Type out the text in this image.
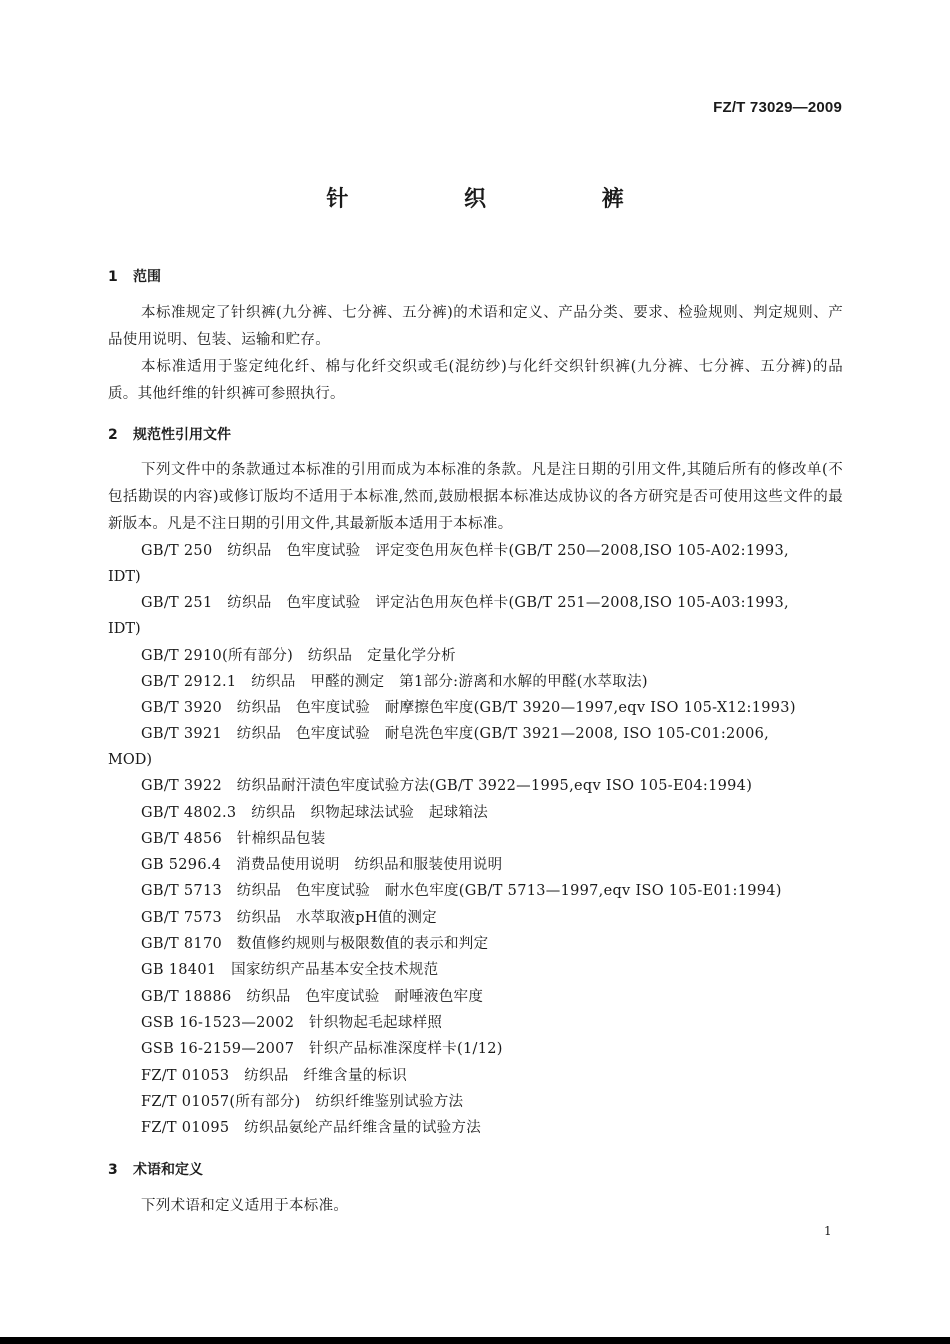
FZ/T 73029—2009
针 织 裤
1 范围
本标准规定了针织裤(九分裤、七分裤、五分裤)的术语和定义、产品分类、要求、检验规则、判定规则、产品使用说明、包装、运输和贮存。
本标准适用于鉴定纯化纤、棉与化纤交织或毛(混纺纱)与化纤交织针织裤(九分裤、七分裤、五分裤)的品质。其他纤维的针织裤可参照执行。
2 规范性引用文件
下列文件中的条款通过本标准的引用而成为本标准的条款。凡是注日期的引用文件,其随后所有的修改单(不包括勘误的内容)或修订版均不适用于本标准,然而,鼓励根据本标准达成协议的各方研究是否可使用这些文件的最新版本。凡是不注日期的引用文件,其最新版本适用于本标准。
GB/T 250　纺织品　色牢度试验　评定变色用灰色样卡(GB/T 250—2008,ISO 105-A02:1993,
IDT)
GB/T 251　纺织品　色牢度试验　评定沾色用灰色样卡(GB/T 251—2008,ISO 105-A03:1993,
IDT)
GB/T 2910(所有部分)　纺织品　定量化学分析
GB/T 2912.1　纺织品　甲醛的测定　第1部分:游离和水解的甲醛(水萃取法)
GB/T 3920　纺织品　色牢度试验　耐摩擦色牢度(GB/T 3920—1997,eqv ISO 105-X12:1993)
GB/T 3921　纺织品　色牢度试验　耐皂洗色牢度(GB/T 3921—2008, ISO 105-C01:2006,
MOD)
GB/T 3922　纺织品耐汗渍色牢度试验方法(GB/T 3922—1995,eqv ISO 105-E04:1994)
GB/T 4802.3　纺织品　织物起球法试验　起球箱法
GB/T 4856　针棉织品包装
GB 5296.4　消费品使用说明　纺织品和服装使用说明
GB/T 5713　纺织品　色牢度试验　耐水色牢度(GB/T 5713—1997,eqv ISO 105-E01:1994)
GB/T 7573　纺织品　水萃取液pH值的测定
GB/T 8170　数值修约规则与极限数值的表示和判定
GB 18401　国家纺织产品基本安全技术规范
GB/T 18886　纺织品　色牢度试验　耐唾液色牢度
GSB 16-1523—2002　针织物起毛起球样照
GSB 16-2159—2007　针织产品标准深度样卡(1/12)
FZ/T 01053　纺织品　纤维含量的标识
FZ/T 01057(所有部分)　纺织纤维鉴别试验方法
FZ/T 01095　纺织品氨纶产品纤维含量的试验方法
3 术语和定义
下列术语和定义适用于本标准。
1
